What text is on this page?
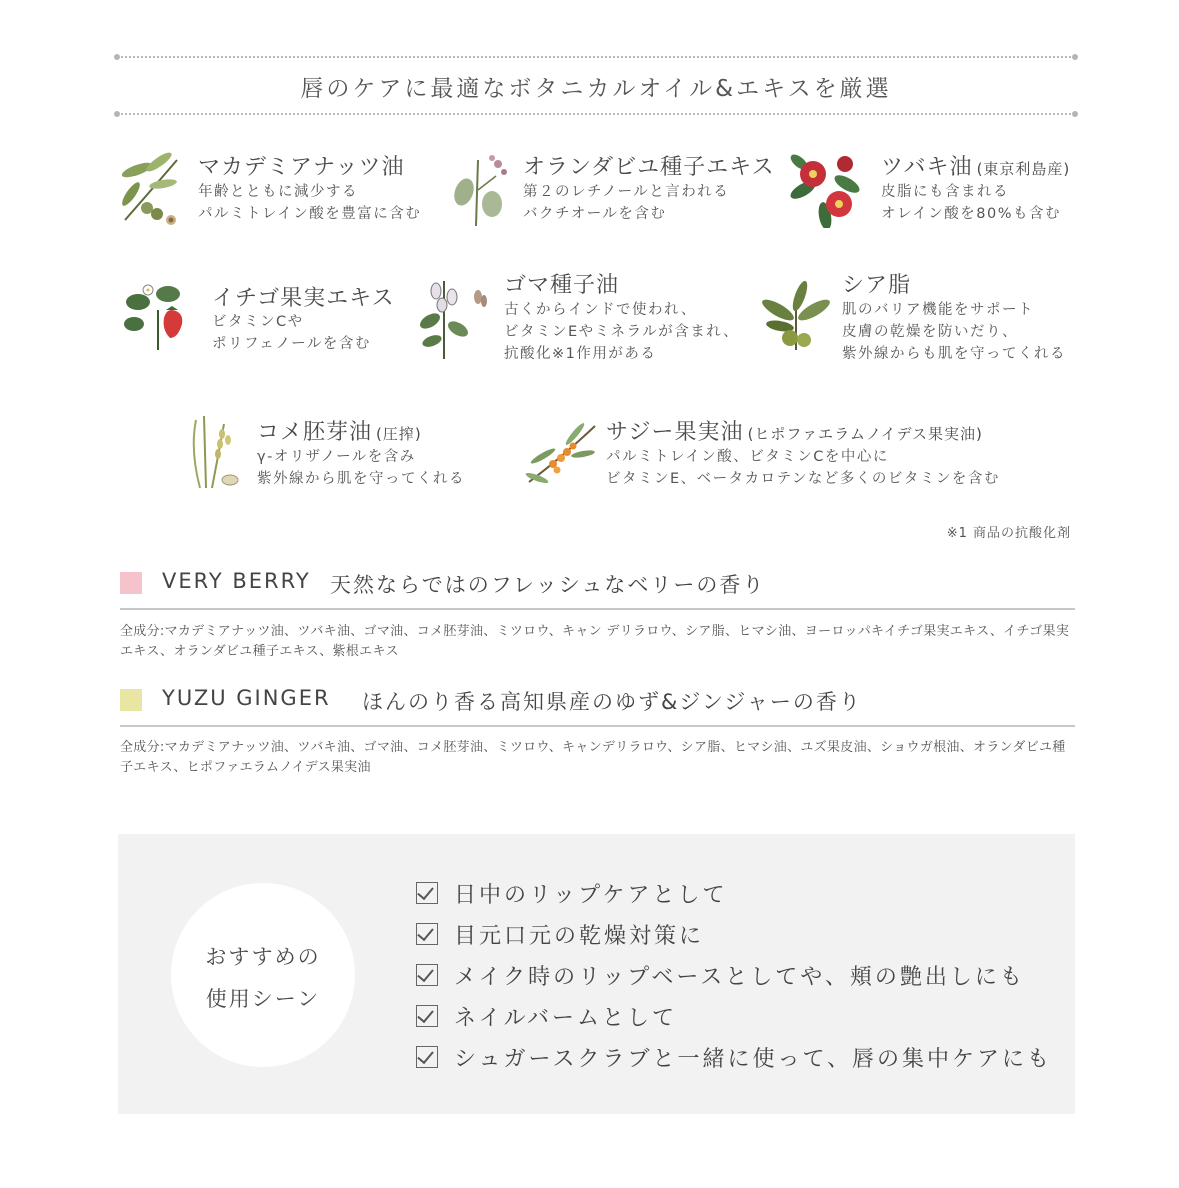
唇のケアに最適なボタニカルオイル&エキスを厳選
マカデミアナッツ油
年齢とともに減少する
パルミトレイン酸を豊富に含む
オランダビユ種子エキス
第２のレチノールと言われる
バクチオールを含む
ツバキ油 (東京利島産)
皮脂にも含まれる
オレイン酸を80%も含む
イチゴ果実エキス
ビタミンCや
ポリフェノールを含む
ゴマ種子油
古くからインドで使われ、
ビタミンEやミネラルが含まれ、
抗酸化※1作用がある
シア脂
肌のバリア機能をサポート
皮膚の乾燥を防いだり、
紫外線からも肌を守ってくれる
コメ胚芽油 (圧搾)
γ-オリザノールを含み
紫外線から肌を守ってくれる
サジー果実油 (ヒポファエラムノイデス果実油)
パルミトレイン酸、ビタミンCを中心に
ビタミンE、ベータカロテンなど多くのビタミンを含む
※1 商品の抗酸化剤
VERY BERRY 天然ならではのフレッシュなベリーの香り
全成分:マカデミアナッツ油、ツバキ油、ゴマ油、コメ胚芽油、ミツロウ、キャン デリラロウ、シア脂、ヒマシ油、ヨーロッパキイチゴ果実エキス、イチゴ果実エキス、オランダビユ種子エキス、紫根エキス
YUZU GINGER ほんのり香る高知県産のゆず&ジンジャーの香り
全成分:マカデミアナッツ油、ツバキ油、ゴマ油、コメ胚芽油、ミツロウ、キャンデリラロウ、シア脂、ヒマシ油、ユズ果皮油、ショウガ根油、オランダビユ種子エキス、ヒポファエラムノイデス果実油
おすすめの
使用シーン
日中のリップケアとして
目元口元の乾燥対策に
メイク時のリップベースとしてや、頬の艶出しにも
ネイルバームとして
シュガースクラブと一緒に使って、唇の集中ケアにも
